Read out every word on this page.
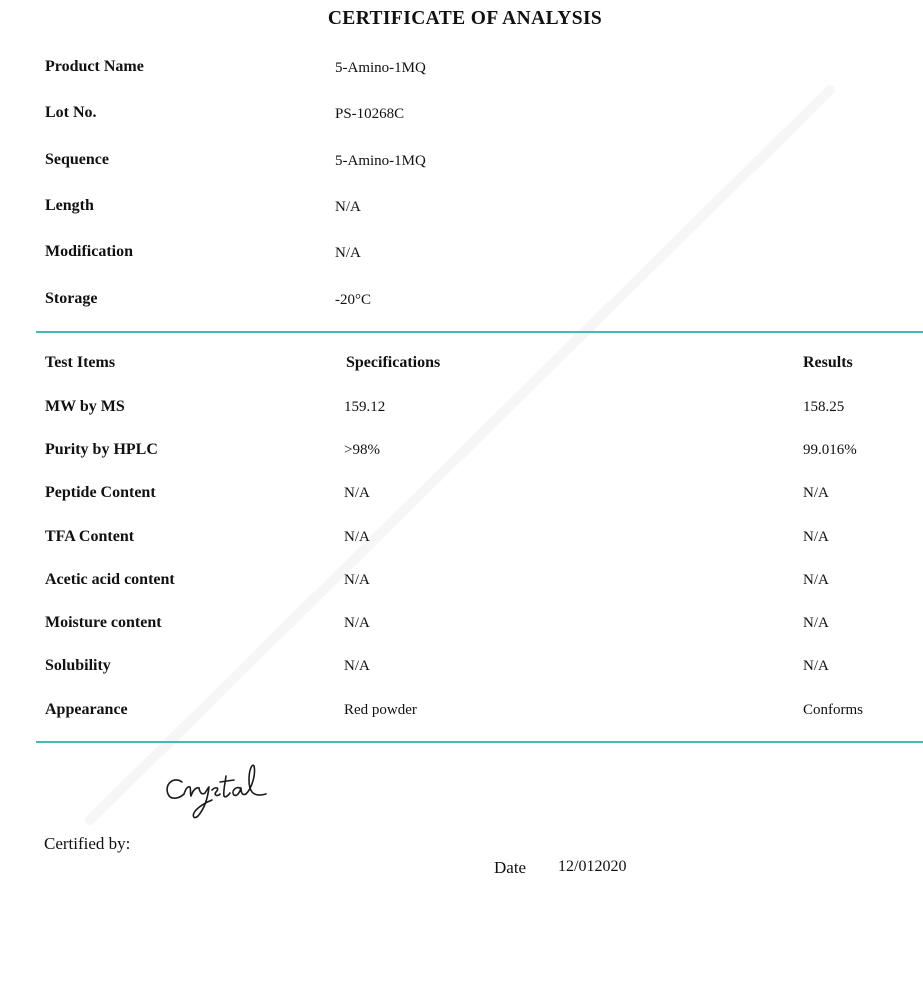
CERTIFICATE OF ANALYSIS
Product Name	5-Amino-1MQ
Lot No.	PS-10268C
Sequence	5-Amino-1MQ
Length	N/A
Modification	N/A
Storage	-20°C
Test Items	Specifications	Results
MW by MS	159.12	158.25
Purity by HPLC	>98%	99.016%
Peptide Content	N/A	N/A
TFA Content	N/A	N/A
Acetic acid content	N/A	N/A
Moisture content	N/A	N/A
Solubility	N/A	N/A
Appearance	Red powder	Conforms
Certified by:
Date 12/012020
